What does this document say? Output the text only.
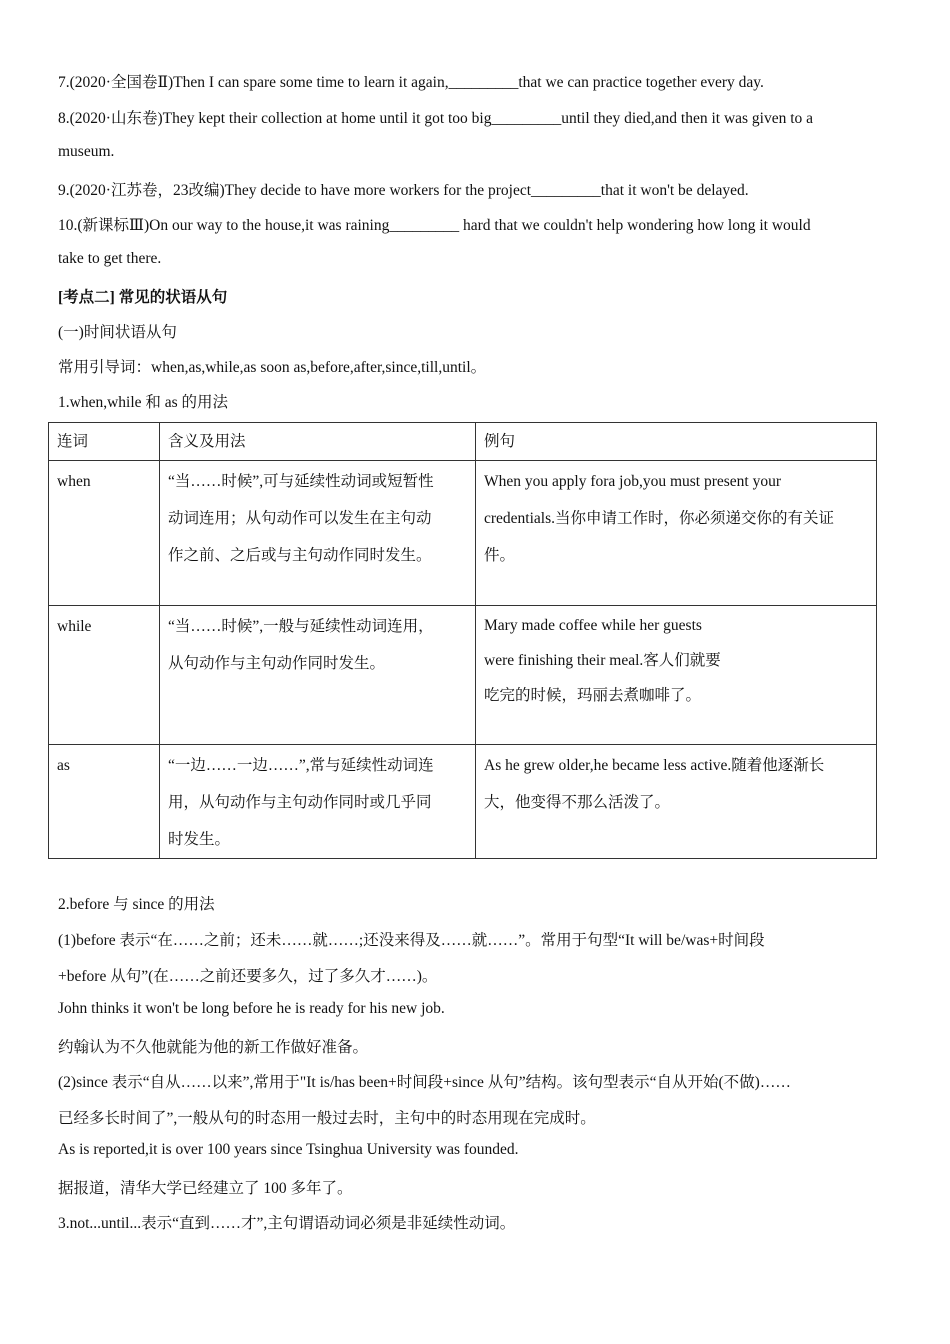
7.(2020·全国卷Ⅱ)Then I can spare some time to learn it again,_________that we can practice together every day.
8.(2020·山东卷)They kept their collection at home until it got too big_________until they died,and then it was given to a
museum.
9.(2020·江苏卷，23改编)They decide to have more workers for the project_________that it won't be delayed.
10.(新课标Ⅲ)On our way to the house,it was raining_________ hard that we couldn't help wondering how long it would
take to get there.
[考点二] 常见的状语从句
(一)时间状语从句
常用引导词：when,as,while,as soon as,before,after,since,till,until。
1.when,while 和 as 的用法
连词	含义及用法	例句

when	“当……时候”,可与延续性动词或短暂性
动词连用；从句动作可以发生在主句动
作之前、之后或与主句动作同时发生。	When you apply fora job,you must present your
credentials.当你申请工作时，你必须递交你的有关证
件。

while	“当……时候”,一般与延续性动词连用，
从句动作与主句动作同时发生。	Mary made coffee while her guests
were finishing their meal.客人们就要
吃完的时候，玛丽去煮咖啡了。

as	“一边……一边……”,常与延续性动词连
用，从句动作与主句动作同时或几乎同
时发生。	As he grew older,he became less active.随着他逐渐长
大，他变得不那么活泼了。
2.before 与 since 的用法
(1)before 表示“在……之前；还未……就……;还没来得及……就……”。常用于句型“It will be/was+时间段
+before 从句”(在……之前还要多久，过了多久才……)。
John thinks it won't be long before he is ready for his new job.
约翰认为不久他就能为他的新工作做好准备。
(2)since 表示“自从……以来”,常用于"It is/has been+时间段+since 从句”结构。该句型表示“自从开始(不做)……
已经多长时间了”,一般从句的时态用一般过去时，主句中的时态用现在完成时。
As is reported,it is over 100 years since Tsinghua University was founded.
据报道，清华大学已经建立了 100 多年了。
3.not...until...表示“直到……才”,主句谓语动词必须是非延续性动词。
